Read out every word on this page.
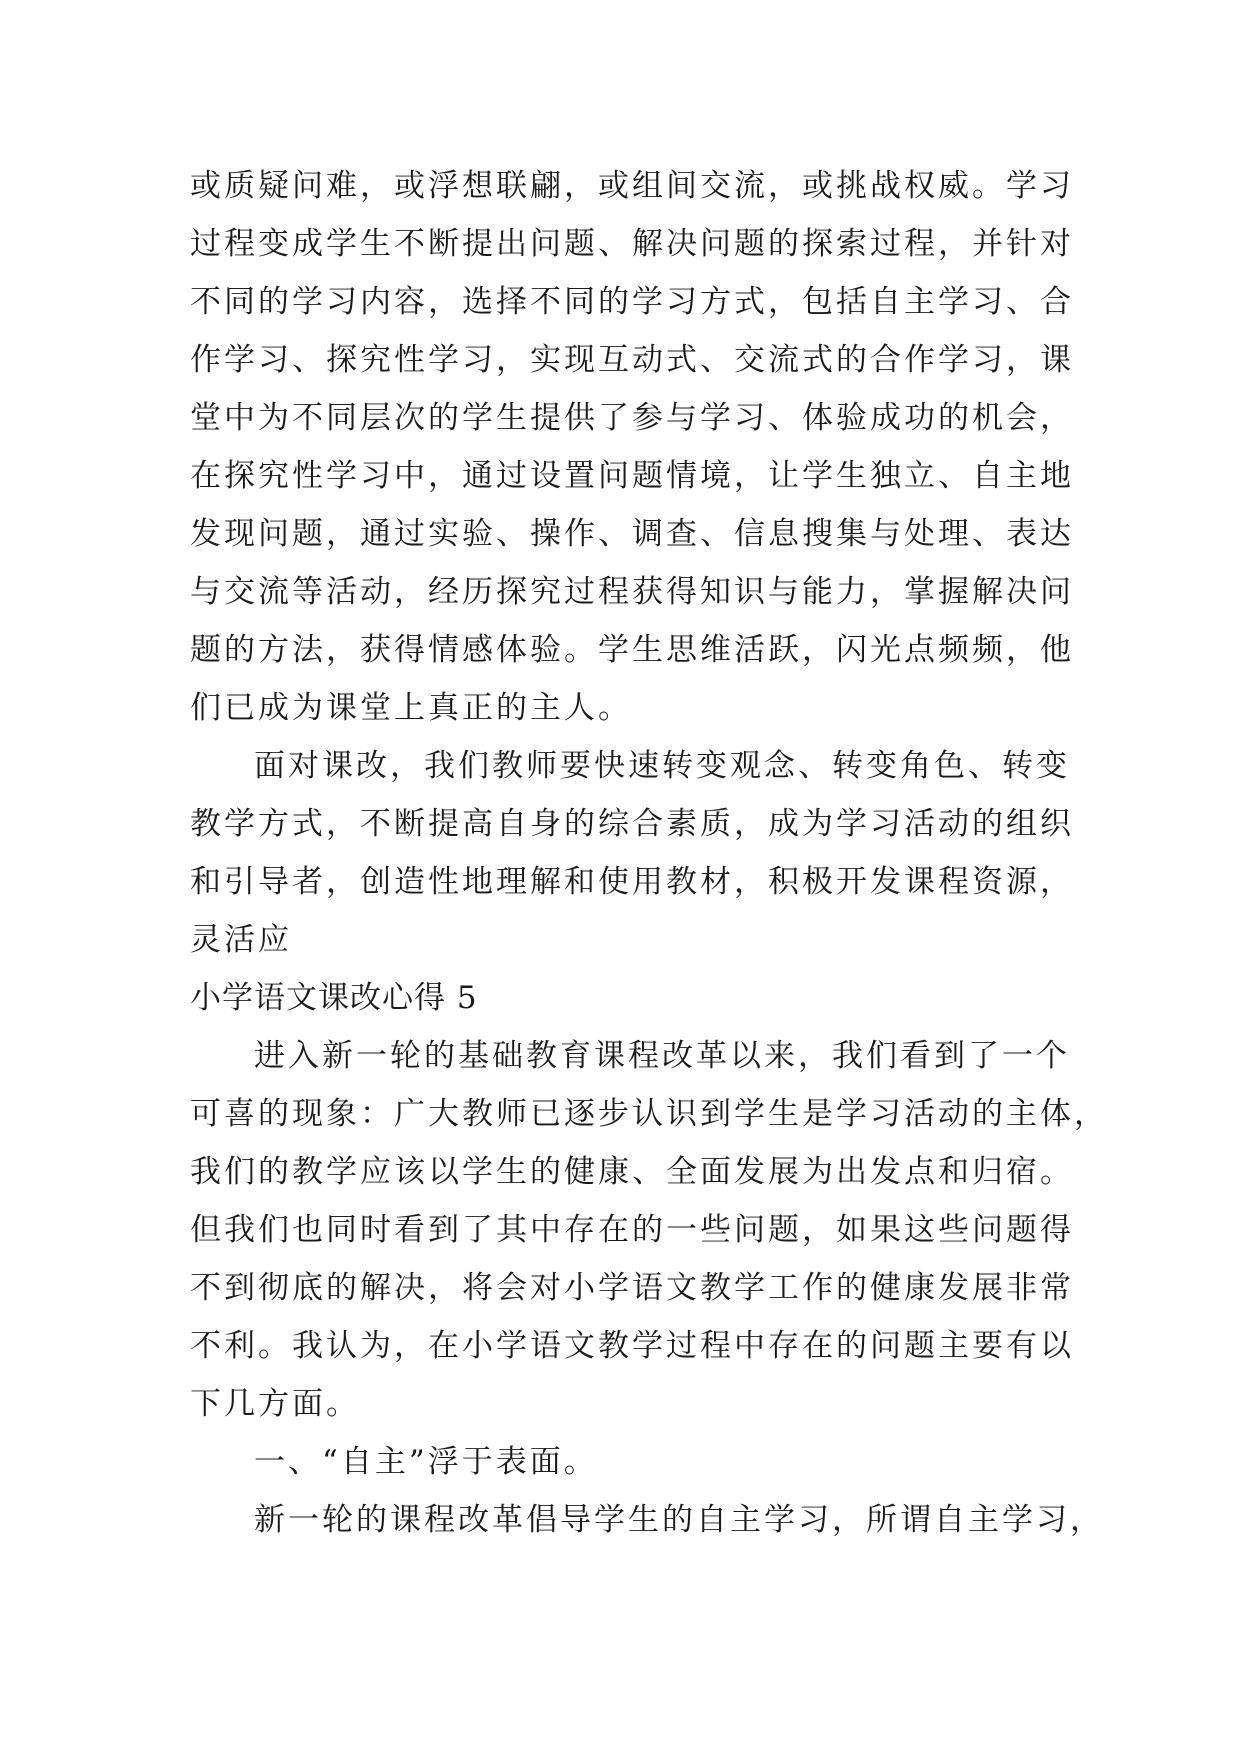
或质疑问难，或浮想联翩，或组间交流，或挑战权威。学习

过程变成学生不断提出问题、解决问题的探索过程，并针对

不同的学习内容，选择不同的学习方式，包括自主学习、合

作学习、探究性学习，实现互动式、交流式的合作学习，课

堂中为不同层次的学生提供了参与学习、体验成功的机会，

在探究性学习中，通过设置问题情境，让学生独立、自主地

发现问题，通过实验、操作、调查、信息搜集与处理、表达

与交流等活动，经历探究过程获得知识与能力，掌握解决问

题的方法，获得情感体验。学生思维活跃，闪光点频频，他

们已成为课堂上真正的主人。

面对课改，我们教师要快速转变观念、转变角色、转变

教学方式，不断提高自身的综合素质，成为学习活动的组织

和引导者，创造性地理解和使用教材，积极开发课程资源，

灵活应

小学语文课改心得 5

进入新一轮的基础教育课程改革以来，我们看到了一个

可喜的现象：广大教师已逐步认识到学生是学习活动的主体，

我们的教学应该以学生的健康、全面发展为出发点和归宿。

但我们也同时看到了其中存在的一些问题，如果这些问题得

不到彻底的解决，将会对小学语文教学工作的健康发展非常

不利。我认为，在小学语文教学过程中存在的问题主要有以

下几方面。

一、“自主”浮于表面。

新一轮的课程改革倡导学生的自主学习，所谓自主学习，
